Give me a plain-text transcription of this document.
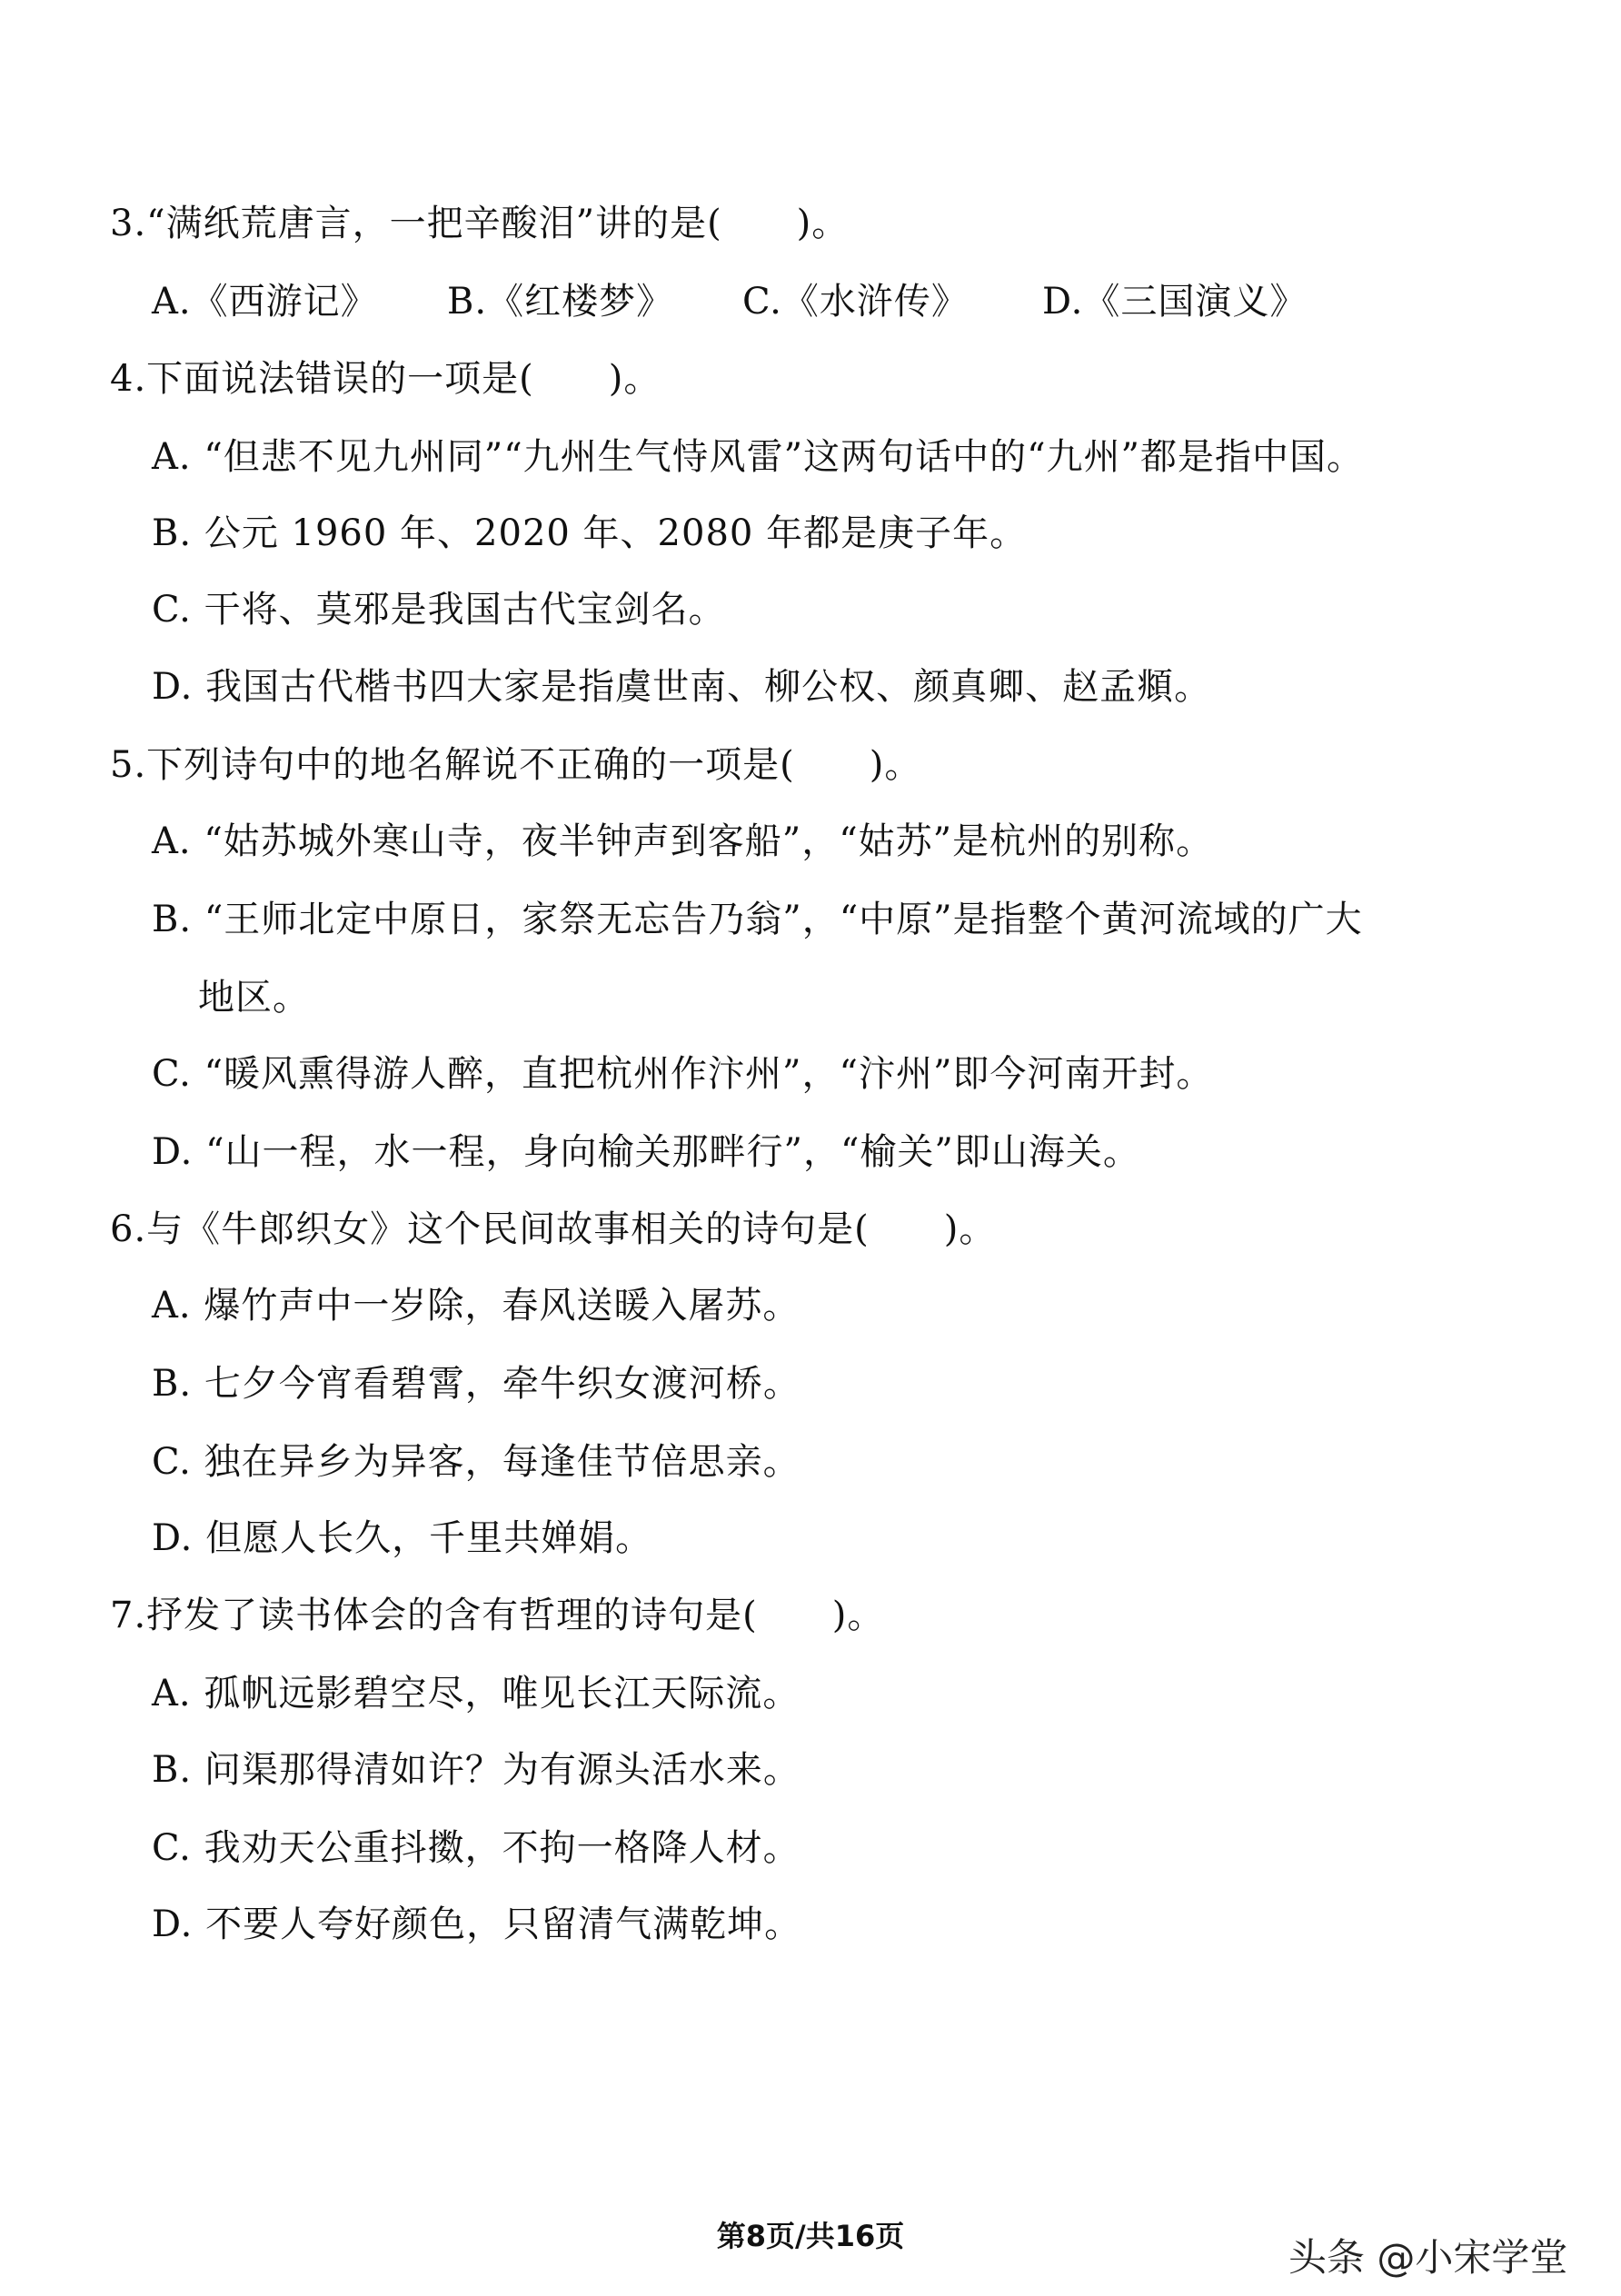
3.“满纸荒唐言，一把辛酸泪”讲的是(　　)。
A.《西游记》	B.《红楼梦》	C.《水浒传》	D.《三国演义》
4.下面说法错误的一项是(　　)。
A. “但悲不见九州同”“九州生气恃风雷”这两句话中的“九州”都是指中国。
B. 公元 1960 年、2020 年、2080 年都是庚子年。
C. 干将、莫邪是我国古代宝剑名。
D. 我国古代楷书四大家是指虞世南、柳公权、颜真卿、赵孟頫。
5.下列诗句中的地名解说不正确的一项是(　　)。
A. “姑苏城外寒山寺，夜半钟声到客船”，“姑苏”是杭州的别称。
B. “王师北定中原日，家祭无忘告乃翁”，“中原”是指整个黄河流域的广大
地区。
C. “暖风熏得游人醉，直把杭州作汴州”，“汴州”即今河南开封。
D. “山一程，水一程，身向榆关那畔行”，“榆关”即山海关。
6.与《牛郎织女》这个民间故事相关的诗句是(　　)。
A. 爆竹声中一岁除，春风送暖入屠苏。
B. 七夕今宵看碧霄，牵牛织女渡河桥。
C. 独在异乡为异客，每逢佳节倍思亲。
D. 但愿人长久，千里共婵娟。
7.抒发了读书体会的含有哲理的诗句是(　　)。
A. 孤帆远影碧空尽，唯见长江天际流。
B. 问渠那得清如许？为有源头活水来。
C. 我劝天公重抖擞，不拘一格降人材。
D. 不要人夸好颜色，只留清气满乾坤。
第8页/共16页	头条 @小宋学堂
